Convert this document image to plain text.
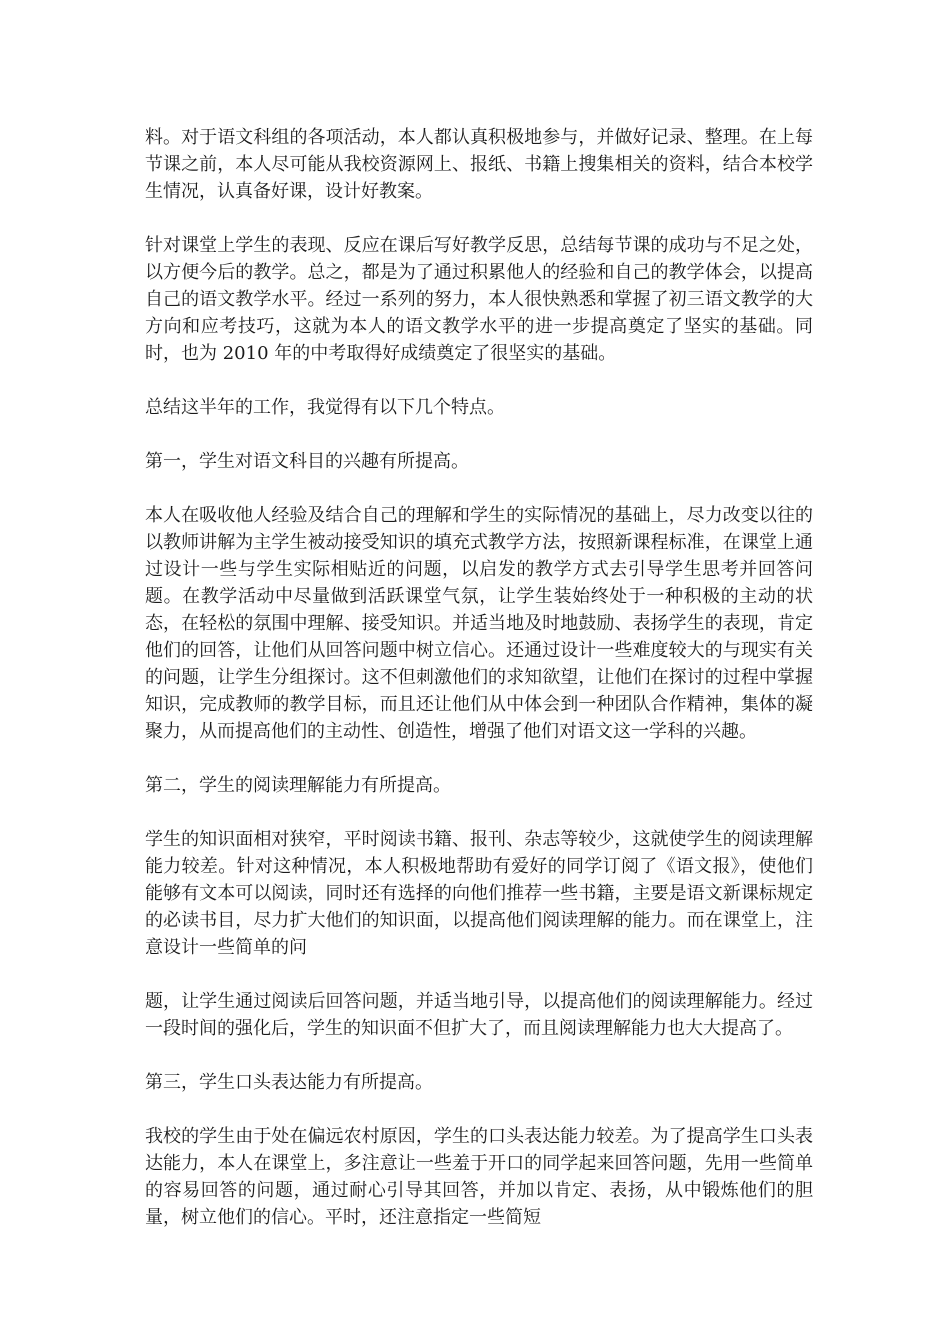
料。对于语文科组的各项活动，本人都认真积极地参与，并做好记录、整理。在上每节课之前，本人尽可能从我校资源网上、报纸、书籍上搜集相关的资料，结合本校学生情况，认真备好课，设计好教案。

针对课堂上学生的表现、反应在课后写好教学反思，总结每节课的成功与不足之处，以方便今后的教学。总之，都是为了通过积累他人的经验和自己的教学体会，以提高自己的语文教学水平。经过一系列的努力，本人很快熟悉和掌握了初三语文教学的大方向和应考技巧，这就为本人的语文教学水平的进一步提高奠定了坚实的基础。同时，也为 2010 年的中考取得好成绩奠定了很坚实的基础。

总结这半年的工作，我觉得有以下几个特点。

第一，学生对语文科目的兴趣有所提高。

本人在吸收他人经验及结合自己的理解和学生的实际情况的基础上，尽力改变以往的以教师讲解为主学生被动接受知识的填充式教学方法，按照新课程标准，在课堂上通过设计一些与学生实际相贴近的问题，以启发的教学方式去引导学生思考并回答问题。在教学活动中尽量做到活跃课堂气氛，让学生装始终处于一种积极的主动的状态，在轻松的氛围中理解、接受知识。并适当地及时地鼓励、表扬学生的表现，肯定他们的回答，让他们从回答问题中树立信心。还通过设计一些难度较大的与现实有关的问题，让学生分组探讨。这不但刺激他们的求知欲望，让他们在探讨的过程中掌握知识，完成教师的教学目标，而且还让他们从中体会到一种团队合作精神，集体的凝聚力，从而提高他们的主动性、创造性，增强了他们对语文这一学科的兴趣。

第二，学生的阅读理解能力有所提高。

学生的知识面相对狭窄，平时阅读书籍、报刊、杂志等较少，这就使学生的阅读理解能力较差。针对这种情况，本人积极地帮助有爱好的同学订阅了《语文报》，使他们能够有文本可以阅读，同时还有选择的向他们推荐一些书籍，主要是语文新课标规定的必读书目，尽力扩大他们的知识面，以提高他们阅读理解的能力。而在课堂上，注意设计一些简单的问

题，让学生通过阅读后回答问题，并适当地引导，以提高他们的阅读理解能力。经过一段时间的强化后，学生的知识面不但扩大了，而且阅读理解能力也大大提高了。

第三，学生口头表达能力有所提高。

我校的学生由于处在偏远农村原因，学生的口头表达能力较差。为了提高学生口头表达能力，本人在课堂上，多注意让一些羞于开口的同学起来回答问题，先用一些简单的容易回答的问题，通过耐心引导其回答，并加以肯定、表扬，从中锻炼他们的胆量，树立他们的信心。平时，还注意指定一些简短
